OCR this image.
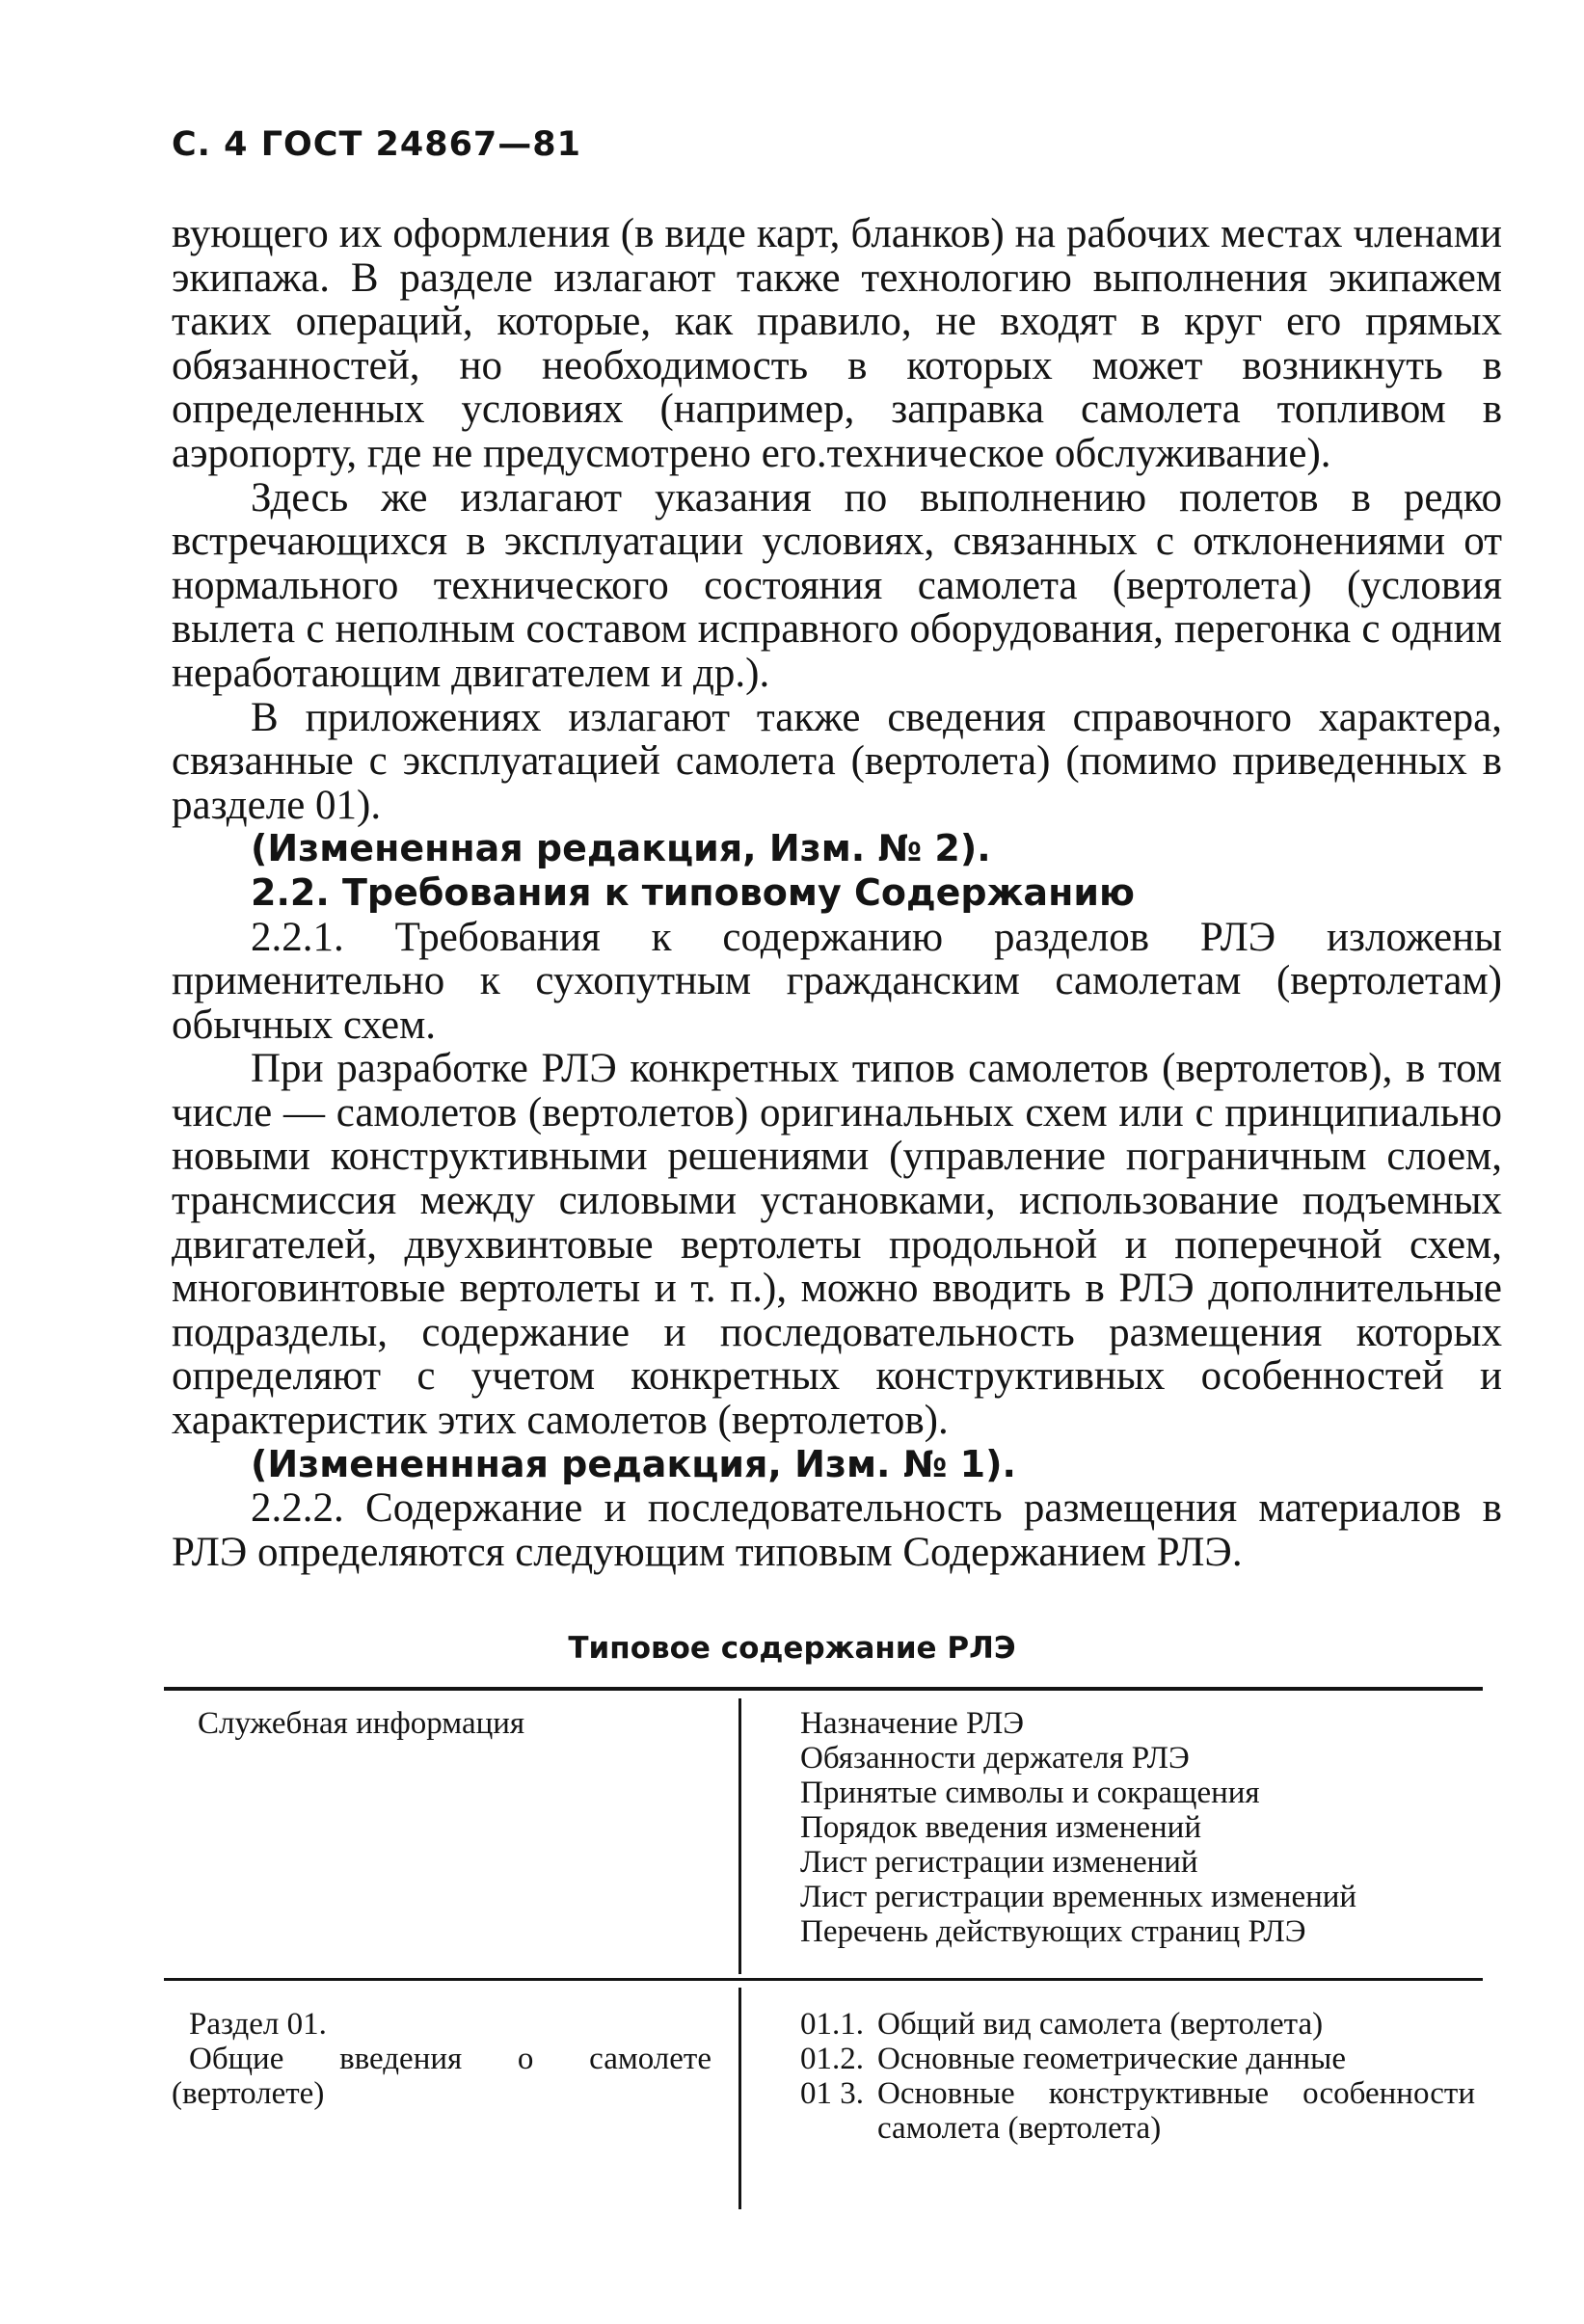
С. 4 ГОСТ 24867—81

вующего их оформления (в виде карт, бланков) на рабочих местах членами экипажа. В разделе излагают также технологию выполнения экипажем таких операций, которые, как правило, не входят в круг его прямых обязанностей, но необходимость в которых может возникнуть в определенных условиях (например, заправка самолета топливом в аэропорту, где не предусмотрено его.техническое обслуживание).

Здесь же излагают указания по выполнению полетов в редко встречающихся в эксплуатации условиях, связанных с отклонениями от нормального технического состояния самолета (вертолета) (условия вылета с неполным составом исправного оборудования, перегонка с одним неработающим двигателем и др.).

В приложениях излагают также сведения справочного характера, связанные с эксплуатацией самолета (вертолета) (помимо приведенных в разделе 01).

(Измененная редакция, Изм. № 2).

2.2. Требования к типовому Содержанию

2.2.1. Требования к содержанию разделов РЛЭ изложены применительно к сухопутным гражданским самолетам (вертолетам) обычных схем.

При разработке РЛЭ конкретных типов самолетов (вертолетов), в том числе — самолетов (вертолетов) оригинальных схем или с принципиально новыми конструктивными решениями (управление пограничным слоем, трансмиссия между силовыми установками, использование подъемных двигателей, двухвинтовые вертолеты продольной и поперечной схем, многовинтовые вертолеты и т. п.), можно вводить в РЛЭ дополнительные подразделы, содержание и последовательность размещения которых определяют с учетом конкретных конструктивных особенностей и характеристик этих самолетов (вертолетов).

(Измененнная редакция, Изм. № 1).

2.2.2. Содержание и последовательность размещения материалов в РЛЭ определяются следующим типовым Содержанием РЛЭ.

Типовое содержание РЛЭ
Служебная информация	Назначение РЛЭ
Обязанности держателя РЛЭ
Принятые символы и сокращения
Порядок введения изменений
Лист регистрации изменений
Лист регистрации временных изменений
Перечень действующих страниц РЛЭ
Раздел 01.
Общие введения о самолете (вертолете)
01.1. Общий вид самолета (вертолета)
01.2. Основные геометрические данные
01 3. Основные конструктивные особенности самолета (вертолета)
